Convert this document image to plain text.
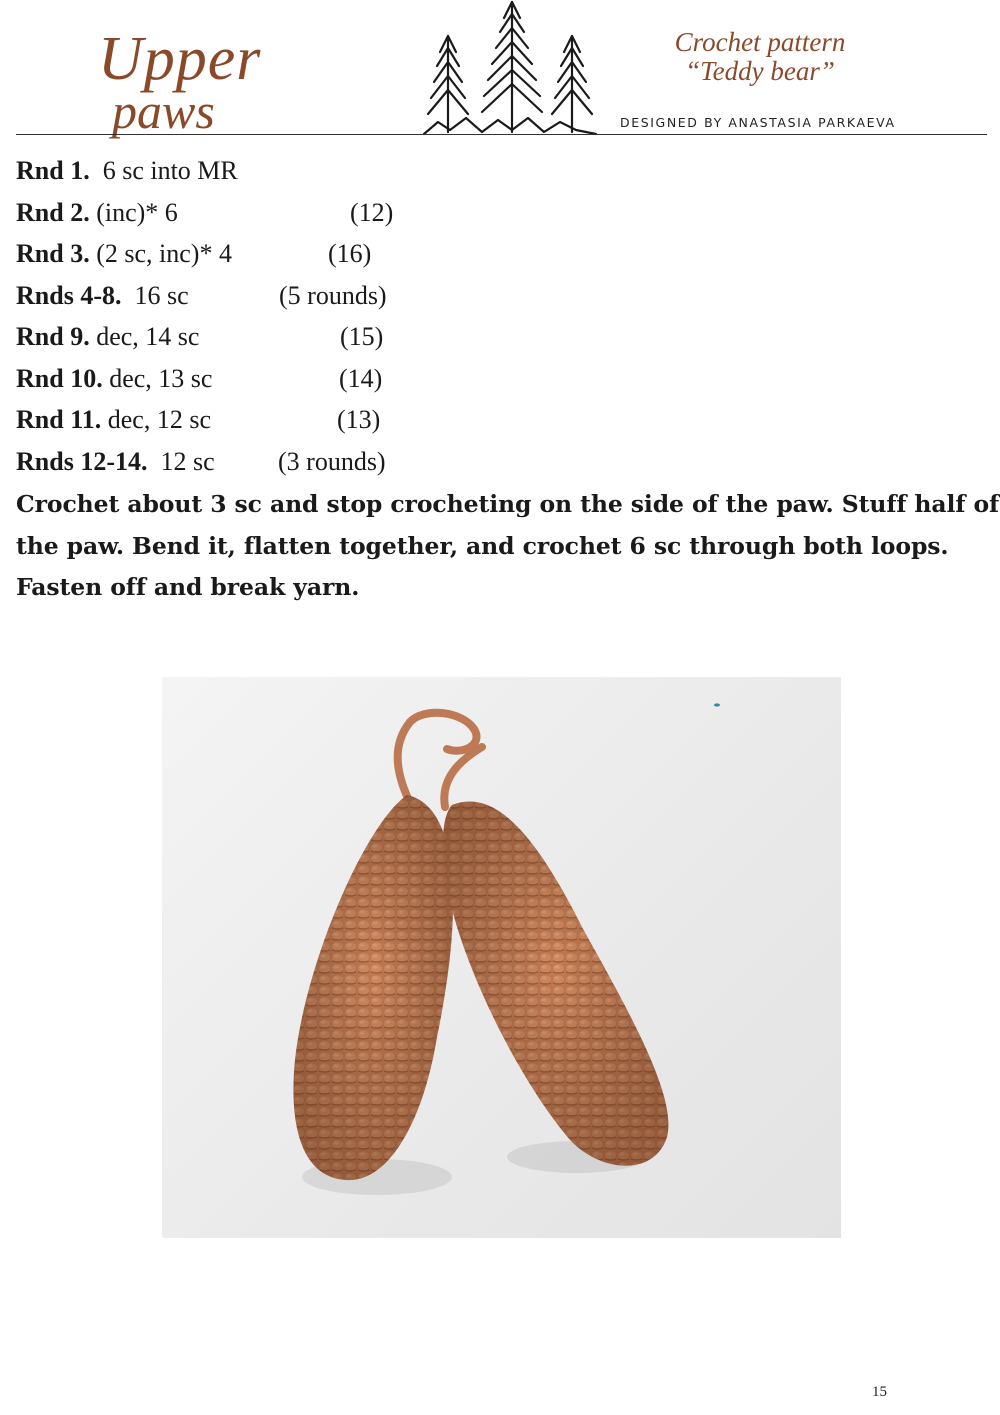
Upper
paws
Crochet pattern
“Teddy bear”
DESIGNED BY ANASTASIA PARKAEVA
Rnd 1. 6 sc into MR
Rnd 2. (inc)* 6	(12)
Rnd 3. (2 sc, inc)* 4	(16)
Rnds 4-8. 16 sc	(5 rounds)
Rnd 9. dec, 14 sc	(15)
Rnd 10. dec, 13 sc	(14)
Rnd 11. dec, 12 sc	(13)
Rnds 12-14. 12 sc (3 rounds)
Crochet about 3 sc and stop crocheting on the side of the paw. Stuff half of
the paw. Bend it, flatten together, and crochet 6 sc through both loops.
Fasten off and break yarn.
15
